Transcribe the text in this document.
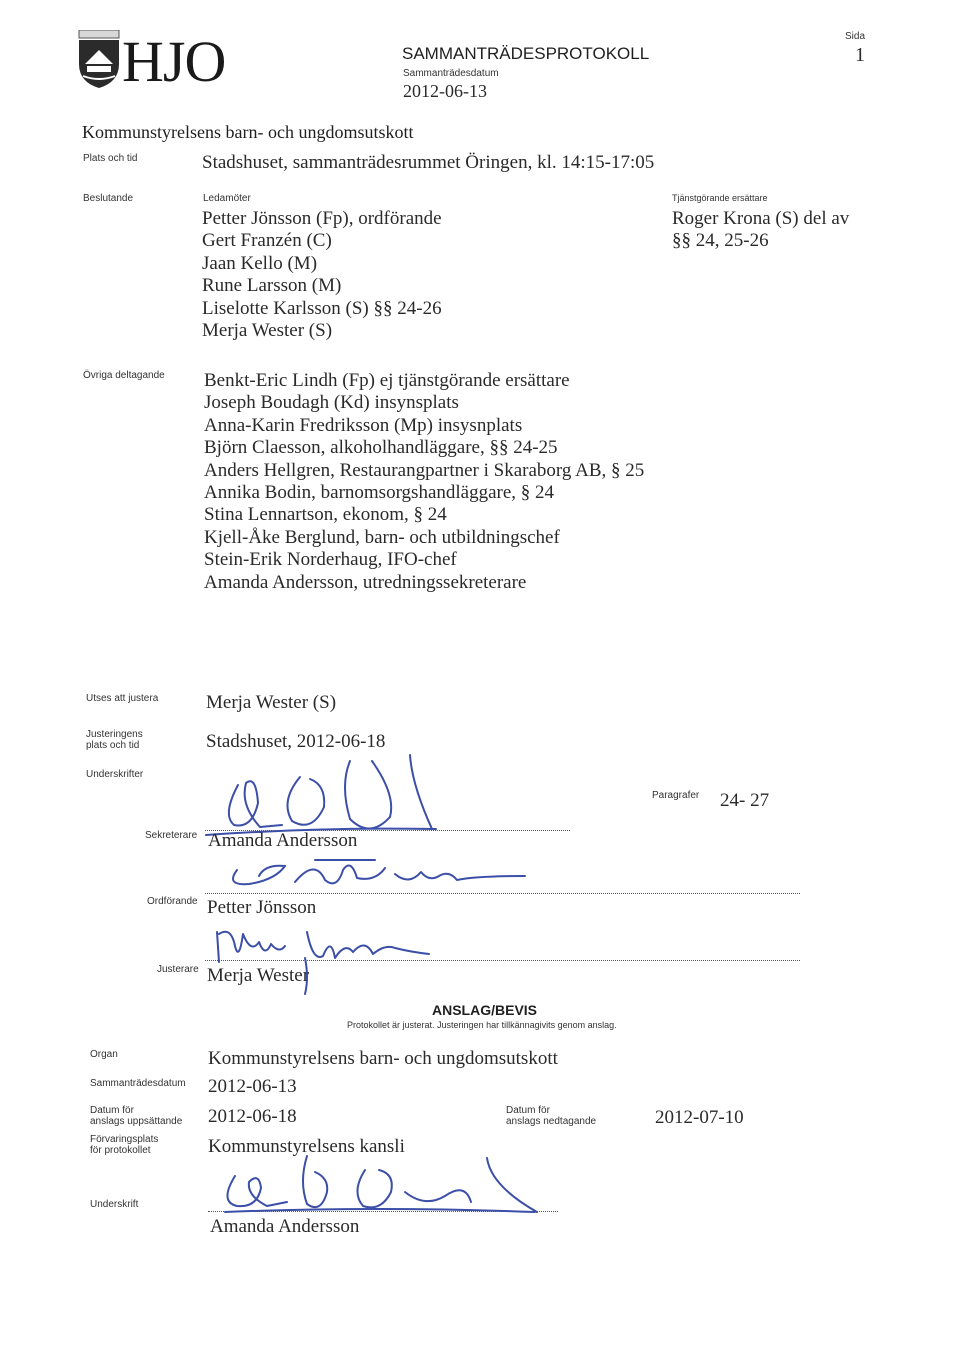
HJO	SAMMANTRÄDESPROTOKOLL
Sammanträdesdatum
2012-06-13
Sida
1
Kommunstyrelsens barn- och ungdomsutskott
Plats och tid	Stadshuset, sammanträdesrummet Öringen, kl. 14:15-17:05
Beslutande	Ledamöter
Petter Jönsson (Fp), ordförande
Gert Franzén (C)
Jaan Kello (M)
Rune Larsson (M)
Liselotte Karlsson (S) §§ 24-26
Merja Wester (S)
Tjänstgörande ersättare
Roger Krona (S) del av
§§ 24, 25-26
Övriga deltagande Benkt-Eric Lindh (Fp) ej tjänstgörande ersättare
Joseph Boudagh (Kd) insynsplats
Anna-Karin Fredriksson (Mp) insysnplats
Björn Claesson, alkoholhandläggare, §§ 24-25
Anders Hellgren, Restaurangpartner i Skaraborg AB, § 25
Annika Bodin, barnomsorgshandläggare, § 24
Stina Lennartson, ekonom, § 24
Kjell-Åke Berglund, barn- och utbildningschef
Stein-Erik Norderhaug, IFO-chef
Amanda Andersson, utredningssekreterare
Utses att justera	Merja Wester (S)
Justeringens
plats och tid	Stadshuset, 2012-06-18
Underskrifter
Paragrafer 24- 27
Sekreterare Amanda Andersson
Ordförande Petter Jönsson
Justerare Merja Wester
ANSLAG/BEVIS
Protokollet är justerat. Justeringen har tillkännagivits genom anslag.
Organ	Kommunstyrelsens barn- och ungdomsutskott
Sammanträdesdatum 2012-06-13
Datum för
anslags uppsättande 2012-06-18	Datum för
anslags nedtagande	2012-07-10
Förvaringsplats
för protokollet	Kommunstyrelsens kansli
Underskrift
Amanda Andersson
